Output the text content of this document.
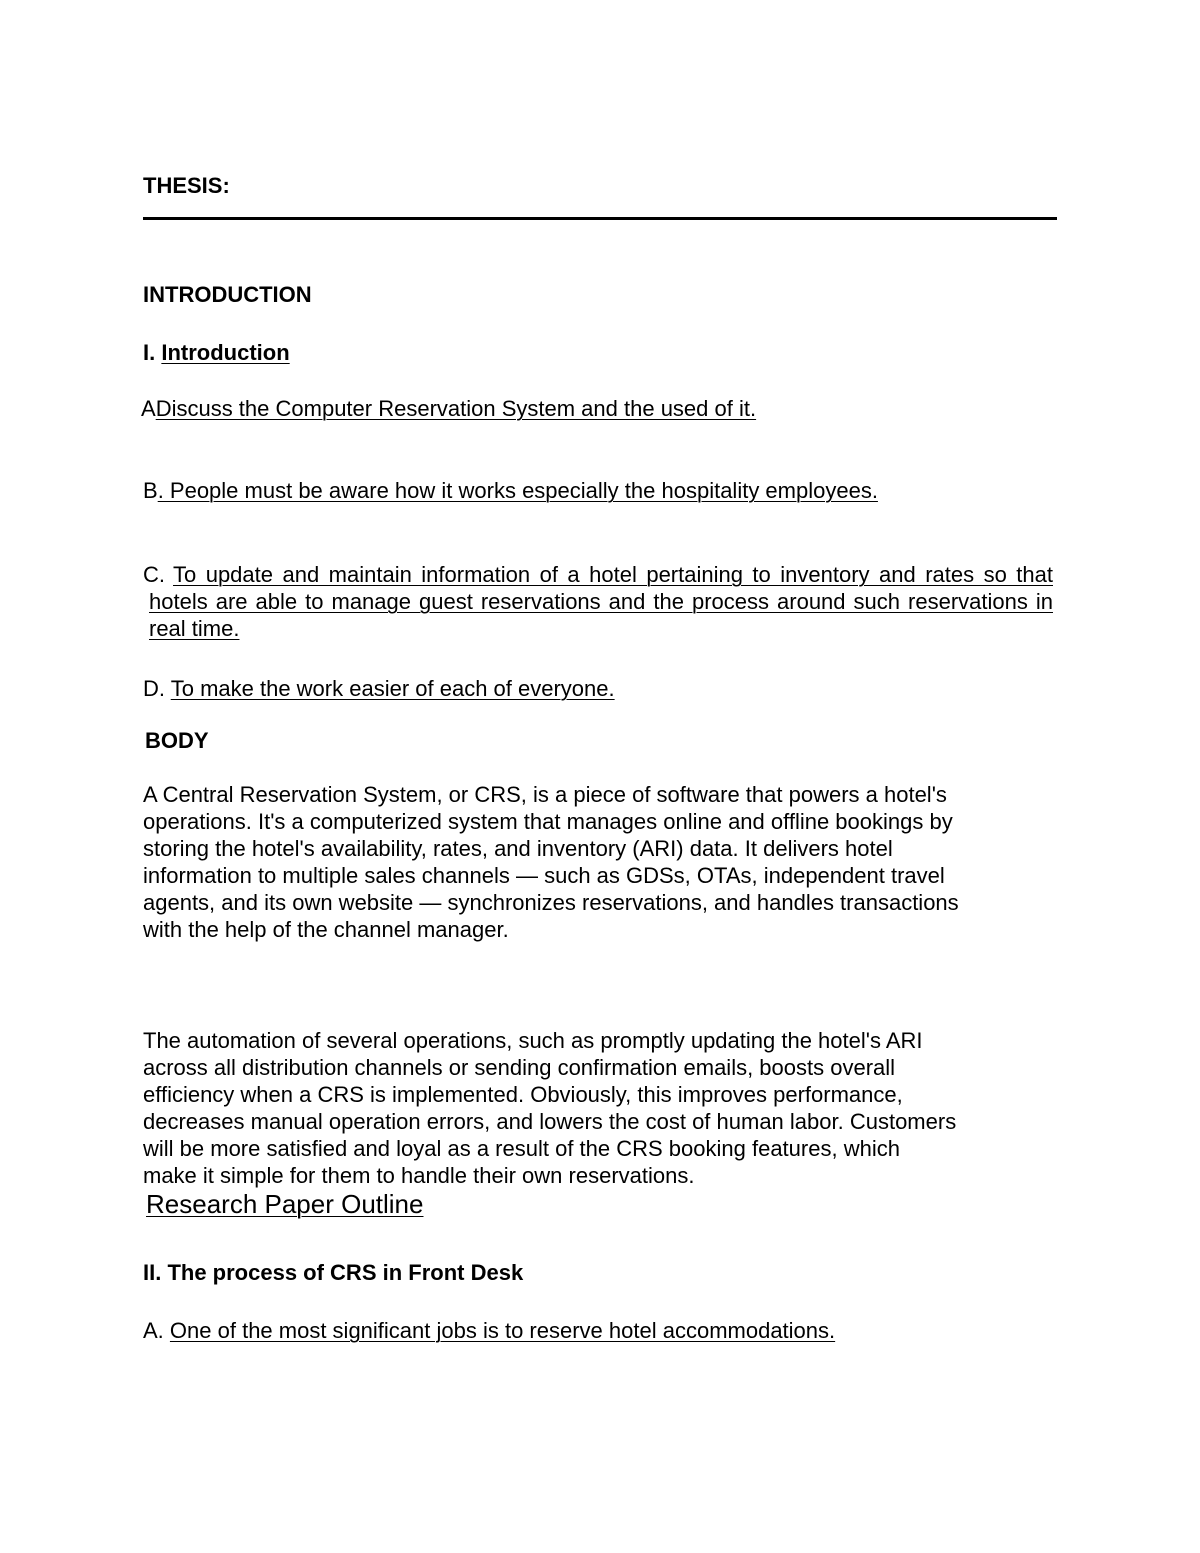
THESIS:
INTRODUCTION
I. Introduction
ADiscuss the Computer Reservation System and the used of it.
B. People must be aware how it works especially the hospitality employees.
C. To update and maintain information of a hotel pertaining to inventory and rates so that hotels are able to manage guest reservations and the process around such reservations in real time.
D. To make the work easier of each of everyone.
BODY
A Central Reservation System, or CRS, is a piece of software that powers a hotel's
operations. It's a computerized system that manages online and offline bookings by
storing the hotel's availability, rates, and inventory (ARI) data. It delivers hotel
information to multiple sales channels — such as GDSs, OTAs, independent travel
agents, and its own website — synchronizes reservations, and handles transactions
with the help of the channel manager.
The automation of several operations, such as promptly updating the hotel's ARI
across all distribution channels or sending confirmation emails, boosts overall
efficiency when a CRS is implemented. Obviously, this improves performance,
decreases manual operation errors, and lowers the cost of human labor. Customers
will be more satisfied and loyal as a result of the CRS booking features, which
make it simple for them to handle their own reservations.
Research Paper Outline
II. The process of CRS in Front Desk
A. One of the most significant jobs is to reserve hotel accommodations.
